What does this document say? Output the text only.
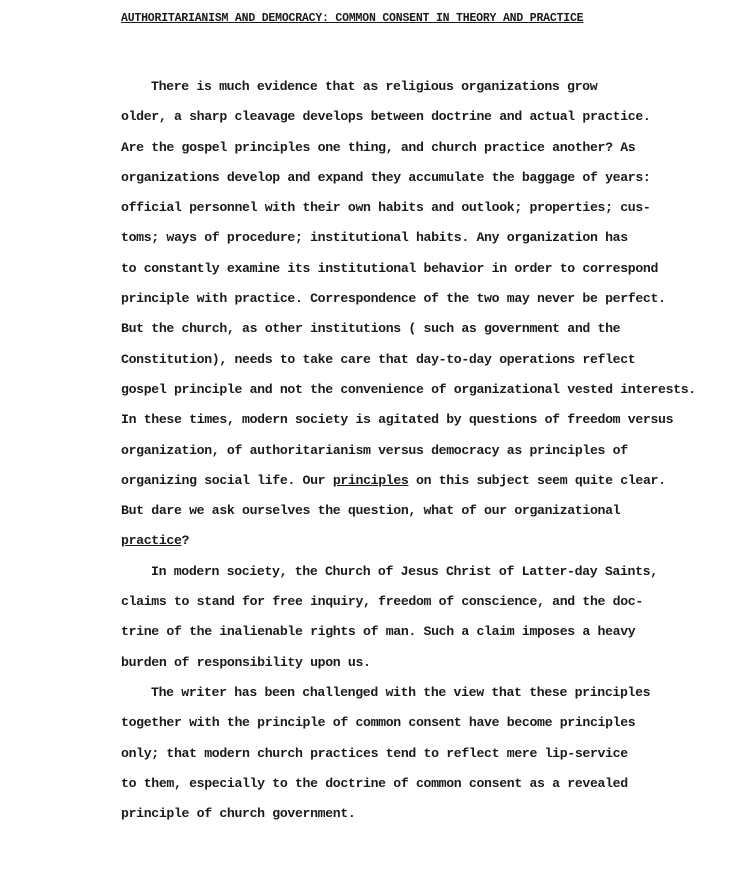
AUTHORITARIANISM AND DEMOCRACY: COMMON CONSENT IN THEORY AND PRACTICE
There is much evidence that as religious organizations grow
older, a sharp cleavage develops between doctrine and actual practice.
Are the gospel principles one thing, and church practice another? As
organizations develop and expand they accumulate the baggage of years:
official personnel with their own habits and outlook; properties; cus-
toms; ways of procedure; institutional habits. Any organization has
to constantly examine its institutional behavior in order to correspond
principle with practice. Correspondence of the two may never be perfect.
But the church, as other institutions ( such as government and the
Constitution), needs to take care that day-to-day operations reflect
gospel principle and not the convenience of organizational vested interests.
In these times, modern society is agitated by questions of freedom versus
organization, of authoritarianism versus democracy as principles of
organizing social life. Our principles on this subject seem quite clear.
But dare we ask ourselves the question, what of our organizational
practice?
In modern society, the Church of Jesus Christ of Latter-day Saints,
claims to stand for free inquiry, freedom of conscience, and the doc-
trine of the inalienable rights of man. Such a claim imposes a heavy
burden of responsibility upon us.
The writer has been challenged with the view that these principles
together with the principle of common consent have become principles
only; that modern church practices tend to reflect mere lip-service
to them, especially to the doctrine of common consent as a revealed
principle of church government.
